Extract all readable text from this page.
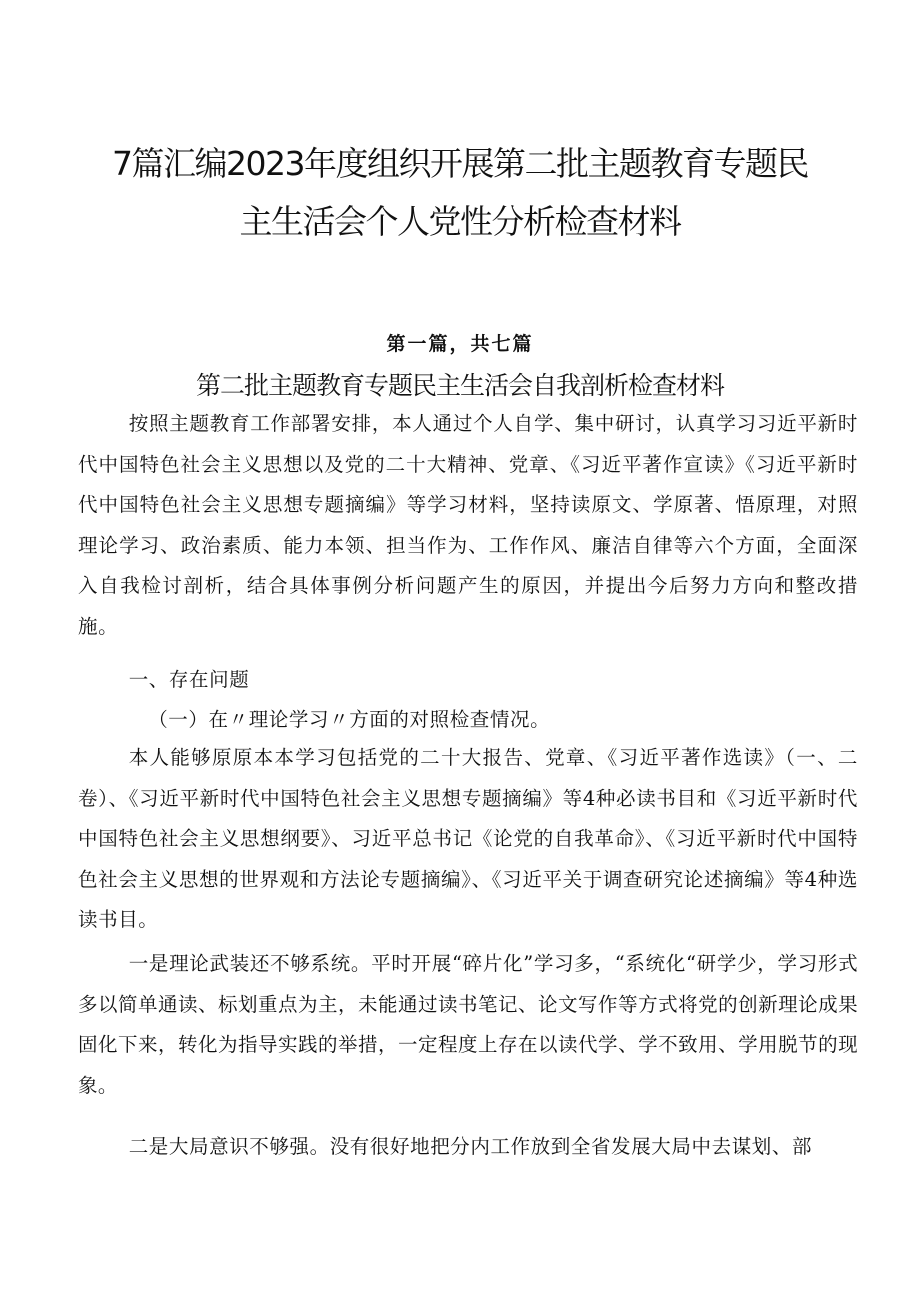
7篇汇编2023年度组织开展第二批主题教育专题民
主生活会个人党性分析检查材料

第一篇，共七篇

第二批主题教育专题民主生活会自我剖析检查材料

按照主题教育工作部署安排，本人通过个人自学、集中研讨，认真学习习近平新时代中国特色社会主义思想以及党的二十大精神、党章、《习近平著作宣读》《习近平新时代中国特色社会主义思想专题摘编》等学习材料，坚持读原文、学原著、悟原理，对照理论学习、政治素质、能力本领、担当作为、工作作风、廉洁自律等六个方面，全面深入自我检讨剖析，结合具体事例分析问题产生的原因，并提出今后努力方向和整改措施。

一、存在问题

（一）在〃理论学习〃方面的对照检查情况。

本人能够原原本本学习包括党的二十大报告、党章、《习近平著作选读》（一、二卷）、《习近平新时代中国特色社会主义思想专题摘编》等4种必读书目和《习近平新时代中国特色社会主义思想纲要》、习近平总书记《论党的自我革命》、《习近平新时代中国特色社会主义思想的世界观和方法论专题摘编》、《习近平关于调查研究论述摘编》等4种选读书目。

一是理论武装还不够系统。平时开展“碎片化”学习多，“系统化“研学少，学习形式多以简单通读、标划重点为主，未能通过读书笔记、论文写作等方式将党的创新理论成果固化下来，转化为指导实践的举措，一定程度上存在以读代学、学不致用、学用脱节的现象。

二是大局意识不够强。没有很好地把分内工作放到全省发展大局中去谋划、部
